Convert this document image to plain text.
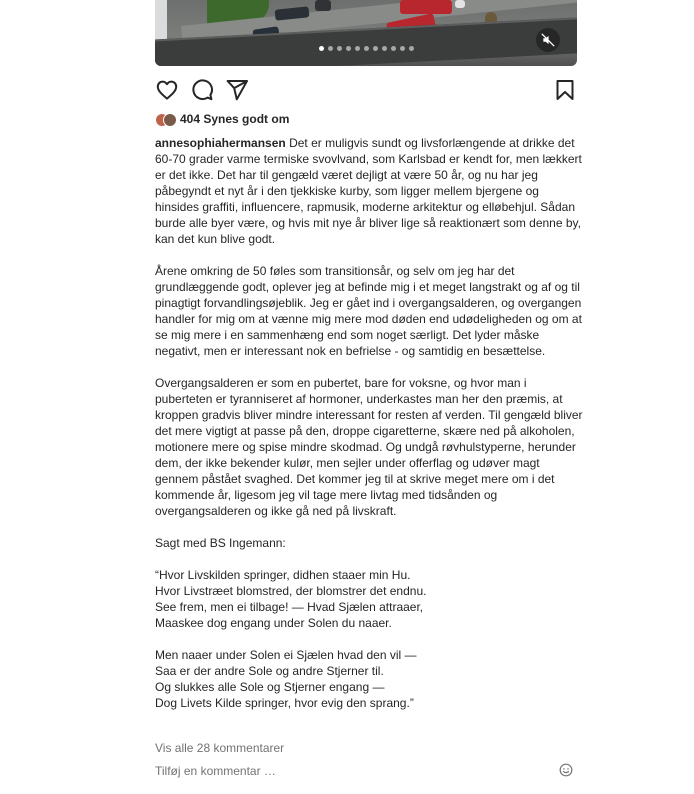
404 Synes godt om
annesophiahermansen Det er muligvis sundt og livsforlængende at drikke det 60-70 grader varme termiske svovlvand, som Karlsbad er kendt for, men lækkert er det ikke. Det har til gengæld været dejligt at være 50 år, og nu har jeg påbegyndt et nyt år i den tjekkiske kurby, som ligger mellem bjergene og hinsides graffiti, influencere, rapmusik, moderne arkitektur og elløbehjul. Sådan burde alle byer være, og hvis mit nye år bliver lige så reaktionært som denne by, kan det kun blive godt.

Årene omkring de 50 føles som transitionsår, og selv om jeg har det grundlæggende godt, oplever jeg at befinde mig i et meget langstrakt og af og til pinagtigt forvandlingsøjeblik. Jeg er gået ind i overgangsalderen, og overgangen handler for mig om at vænne mig mere mod døden end udødeligheden og om at se mig mere i en sammenhæng end som noget særligt. Det lyder måske negativt, men er interessant nok en befrielse - og samtidig en besættelse.

Overgangsalderen er som en pubertet, bare for voksne, og hvor man i puberteten er tyranniseret af hormoner, underkastes man her den præmis, at kroppen gradvis bliver mindre interessant for resten af verden. Til gengæld bliver det mere vigtigt at passe på den, droppe cigaretterne, skære ned på alkoholen, motionere mere og spise mindre skodmad. Og undgå røvhulstyperne, herunder dem, der ikke bekender kulør, men sejler under offerflag og udøver magt gennem påstået svaghed. Det kommer jeg til at skrive meget mere om i det kommende år, ligesom jeg vil tage mere livtag med tidsånden og overgangsalderen og ikke gå ned på livskraft.

Sagt med BS Ingemann:

“Hvor Livskilden springer, didhen staaer min Hu.
Hvor Livstræet blomstred, der blomstrer det endnu.
See frem, men ei tilbage! — Hvad Sjælen attraaer,
Maaskee dog engang under Solen du naaer.

Men naaer under Solen ei Sjælen hvad den vil —
Saa er der andre Sole og andre Stjerner til.
Og slukkes alle Sole og Stjerner engang —
Dog Livets Kilde springer, hvor evig den sprang.”
Vis alle 28 kommentarer
Tilføj en kommentar …
